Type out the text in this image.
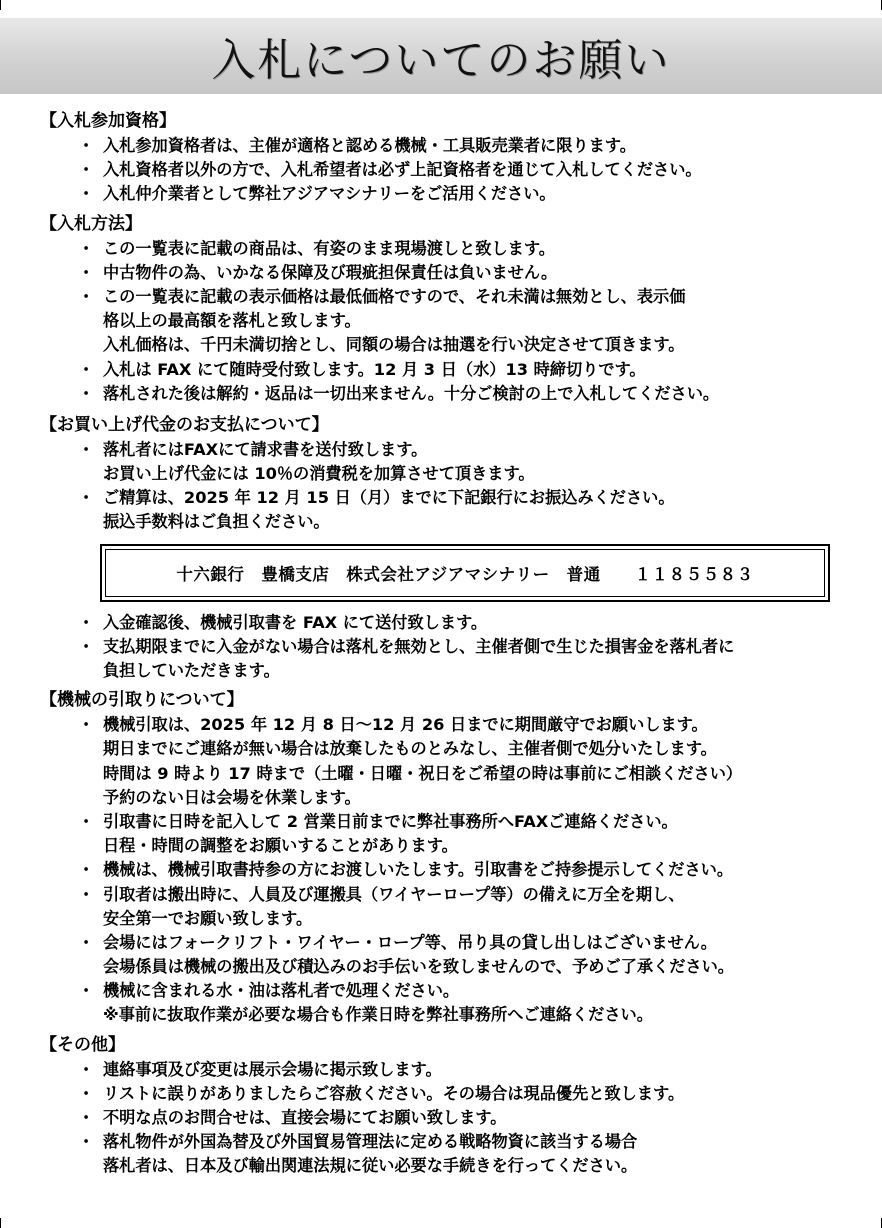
入札についてのお願い
【入札参加資格】
・ 入札参加資格者は、主催が適格と認める機械・工具販売業者に限ります。
・ 入札資格者以外の方で、入札希望者は必ず上記資格者を通じて入札してください。
・ 入札仲介業者として弊社アジアマシナリーをご活用ください。
【入札方法】
・ この一覧表に記載の商品は、有姿のまま現場渡しと致します。
・ 中古物件の為、いかなる保障及び瑕疵担保責任は負いません。
・ この一覧表に記載の表示価格は最低価格ですので、それ未満は無効とし、表示価
格以上の最高額を落札と致します。
入札価格は、千円未満切捨とし、同額の場合は抽選を行い決定させて頂きます。
・ 入札は FAX にて随時受付致します。12 月 3 日（水）13 時締切りです。
・ 落札された後は解約・返品は一切出来ません。十分ご検討の上で入札してください。
【お買い上げ代金のお支払について】
・ 落札者にはFAXにて請求書を送付致します。
お買い上げ代金には 10％の消費税を加算させて頂きます。
・ ご精算は、2025 年 12 月 15 日（月）までに下記銀行にお振込みください。
振込手数料はご負担ください。
十六銀行
　 豊橋支店
　 株式会社アジアマシナリー
　 普通
　　 １１８５５８３
・ 入金確認後、機械引取書を FAX にて送付致します。
・ 支払期限までに入金がない場合は落札を無効とし、主催者側で生じた損害金を落札者に
負担していただきます。
【機械の引取りについて】
・ 機械引取は、2025 年 12 月 8 日～12 月 26 日までに期間厳守でお願いします。
期日までにご連絡が無い場合は放棄したものとみなし、主催者側で処分いたします。
時間は 9 時より 17 時まで（土曜・日曜・祝日をご希望の時は事前にご相談ください）
予約のない日は会場を休業します。
・ 引取書に日時を記入して 2 営業日前までに弊社事務所へFAXご連絡ください。
日程・時間の調整をお願いすることがあります。
・ 機械は、機械引取書持参の方にお渡しいたします。引取書をご持参提示してください。
・ 引取者は搬出時に、人員及び運搬具（ワイヤーロープ等）の備えに万全を期し、
安全第一でお願い致します。
・ 会場にはフォークリフト・ワイヤー・ロープ等、吊り具の貸し出しはございません。
会場係員は機械の搬出及び積込みのお手伝いを致しませんので、予めご了承ください。
・ 機械に含まれる水・油は落札者で処理ください。
※事前に抜取作業が必要な場合も作業日時を弊社事務所へご連絡ください。
【その他】
・ 連絡事項及び変更は展示会場に掲示致します。
・ リストに誤りがありましたらご容赦ください。その場合は現品優先と致します。
・ 不明な点のお問合せは、直接会場にてお願い致します。
・ 落札物件が外国為替及び外国貿易管理法に定める戦略物資に該当する場合
落札者は、日本及び輸出関連法規に従い必要な手続きを行ってください。
